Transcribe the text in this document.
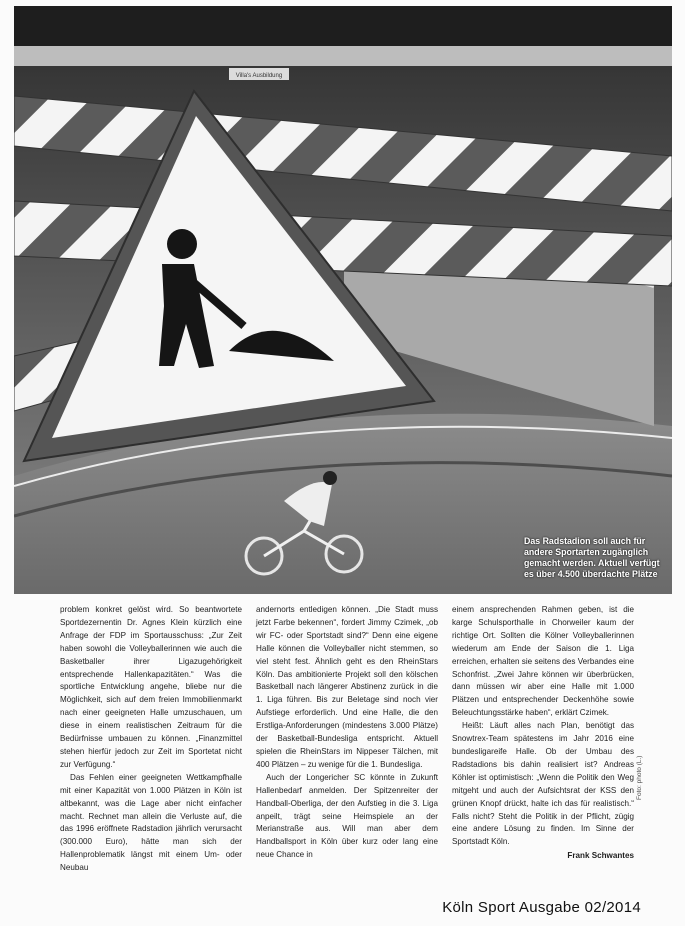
Villa's Ausbildung
Das Radstadion soll auch für andere Sportarten zugänglich gemacht werden. Aktuell verfügt es über 4.500 überdachte Plätze

problem konkret gelöst wird. So beantwortete Sportdezernentin Dr. Agnes Klein kürzlich eine Anfrage der FDP im Sportausschuss: „Zur Zeit haben sowohl die Volleyballerinnen wie auch die Basketballer ihrer Ligazugehörigkeit entsprechende Hallenkapazitäten.“ Was die sportliche Entwicklung angehe, bliebe nur die Möglichkeit, sich auf dem freien Immobilienmarkt nach einer geeigneten Halle umzuschauen, um diese in einem realistischen Zeitraum für die Bedürfnisse umbauen zu können. „Finanzmittel stehen hierfür jedoch zur Zeit im Sportetat nicht zur Verfügung.“

Das Fehlen einer geeigneten Wettkampfhalle mit einer Kapazität von 1.000 Plätzen in Köln ist altbekannt, was die Lage aber nicht einfacher macht. Rechnet man allein die Verluste auf, die das 1996 eröffnete Radstadion jährlich verursacht (300.000 Euro), hätte man sich der Hallenproblematik längst mit einem Um- oder Neubau

andernorts entledigen können. „Die Stadt muss jetzt Farbe bekennen“, fordert Jimmy Czimek, „ob wir FC- oder Sportstadt sind?“ Denn eine eigene Halle können die Volleyballer nicht stemmen, so viel steht fest. Ähnlich geht es den RheinStars Köln. Das ambitionierte Projekt soll den kölschen Basketball nach längerer Abstinenz zurück in die 1. Liga führen. Bis zur Beletage sind noch vier Aufstiege erforderlich. Und eine Halle, die den Erstliga-Anforderungen (mindestens 3.000 Plätze) der Basketball-Bundesliga entspricht. Aktuell spielen die RheinStars im Nippeser Tälchen, mit 400 Plätzen – zu wenige für die 1. Bundesliga.

Auch der Longericher SC könnte in Zukunft Hallenbedarf anmelden. Der Spitzenreiter der Handball-Oberliga, der den Aufstieg in die 3. Liga anpeilt, trägt seine Heimspiele an der Merianstraße aus. Will man aber dem Handballsport in Köln über kurz oder lang eine neue Chance in

einem ansprechenden Rahmen geben, ist die karge Schulsporthalle in Chorweiler kaum der richtige Ort. Sollten die Kölner Volleyballerinnen wiederum am Ende der Saison die 1. Liga erreichen, erhalten sie seitens des Verbandes eine Schonfrist. „Zwei Jahre können wir überbrücken, dann müssen wir aber eine Halle mit 1.000 Plätzen und entsprechender Deckenhöhe sowie Beleuchtungsstärke haben“, erklärt Czimek.

Heißt: Läuft alles nach Plan, benötigt das Snowtrex-Team spätestens im Jahr 2016 eine bundesligareife Halle. Ob der Umbau des Radstadions bis dahin realisiert ist? Andreas Köhler ist optimistisch: „Wenn die Politik den Weg mitgeht und auch der Aufsichtsrat der KSS den grünen Knopf drückt, halte ich das für realistisch.“ Falls nicht? Steht die Politik in der Pflicht, zügig eine andere Lösung zu finden. Im Sinne der Sportstadt Köln.

Frank Schwantes
Foto: photo (L.)
Köln Sport Ausgabe 02/2014
